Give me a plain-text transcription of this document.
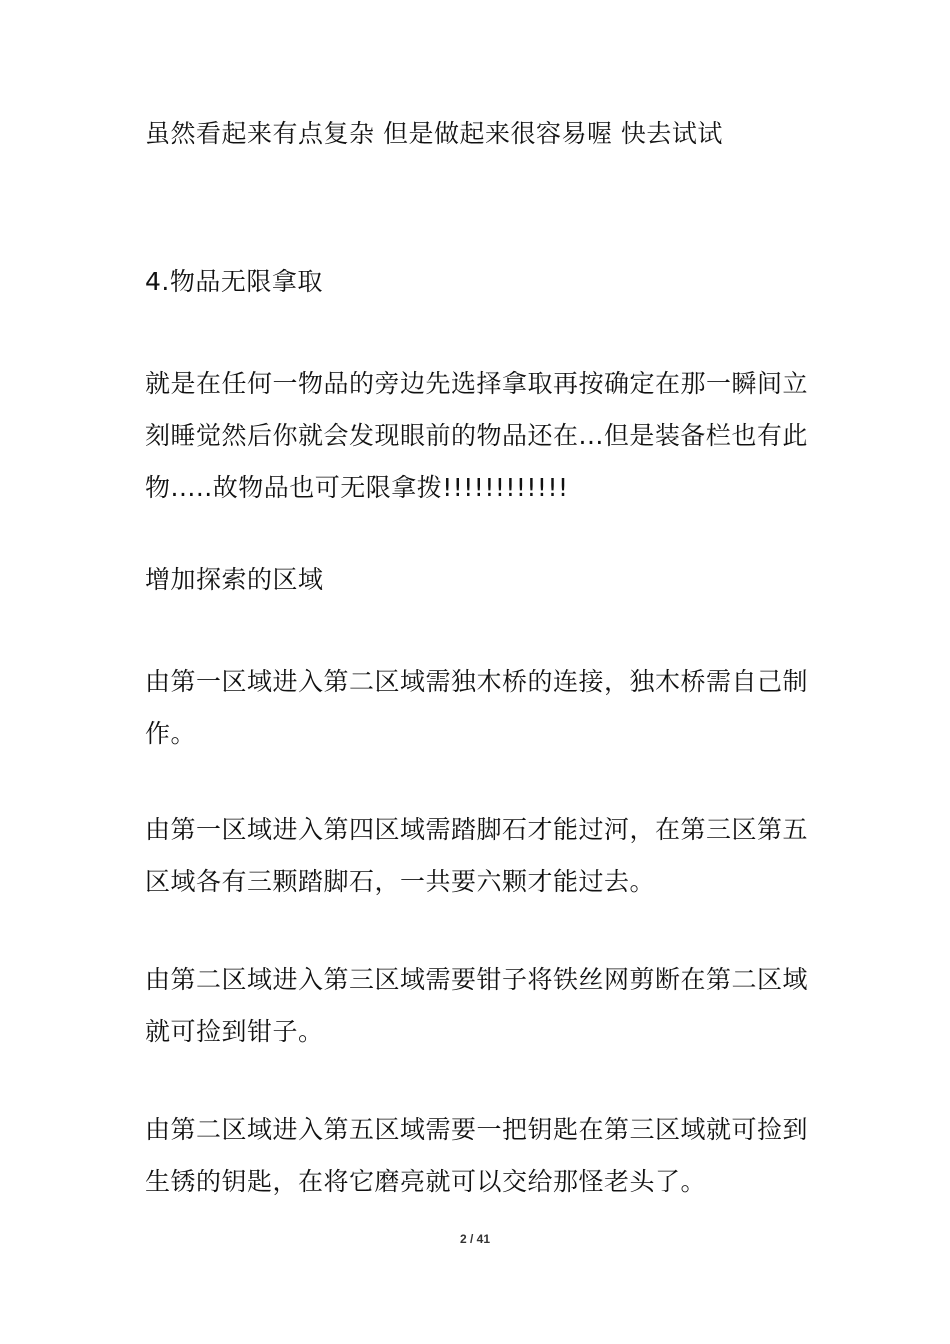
虽然看起来有点复杂 但是做起来很容易喔 快去试试

4.物品无限拿取

就是在任何一物品的旁边先选择拿取再按确定在那一瞬间立刻睡觉然后你就会发现眼前的物品还在...但是装备栏也有此物.....故物品也可无限拿拨!!!!!!!!!!!!

增加探索的区域

由第一区域进入第二区域需独木桥的连接，独木桥需自己制作。

由第一区域进入第四区域需踏脚石才能过河，在第三区第五区域各有三颗踏脚石，一共要六颗才能过去。

由第二区域进入第三区域需要钳子将铁丝网剪断在第二区域就可捡到钳子。

由第二区域进入第五区域需要一把钥匙在第三区域就可捡到生锈的钥匙，在将它磨亮就可以交给那怪老头了。

2 / 41
